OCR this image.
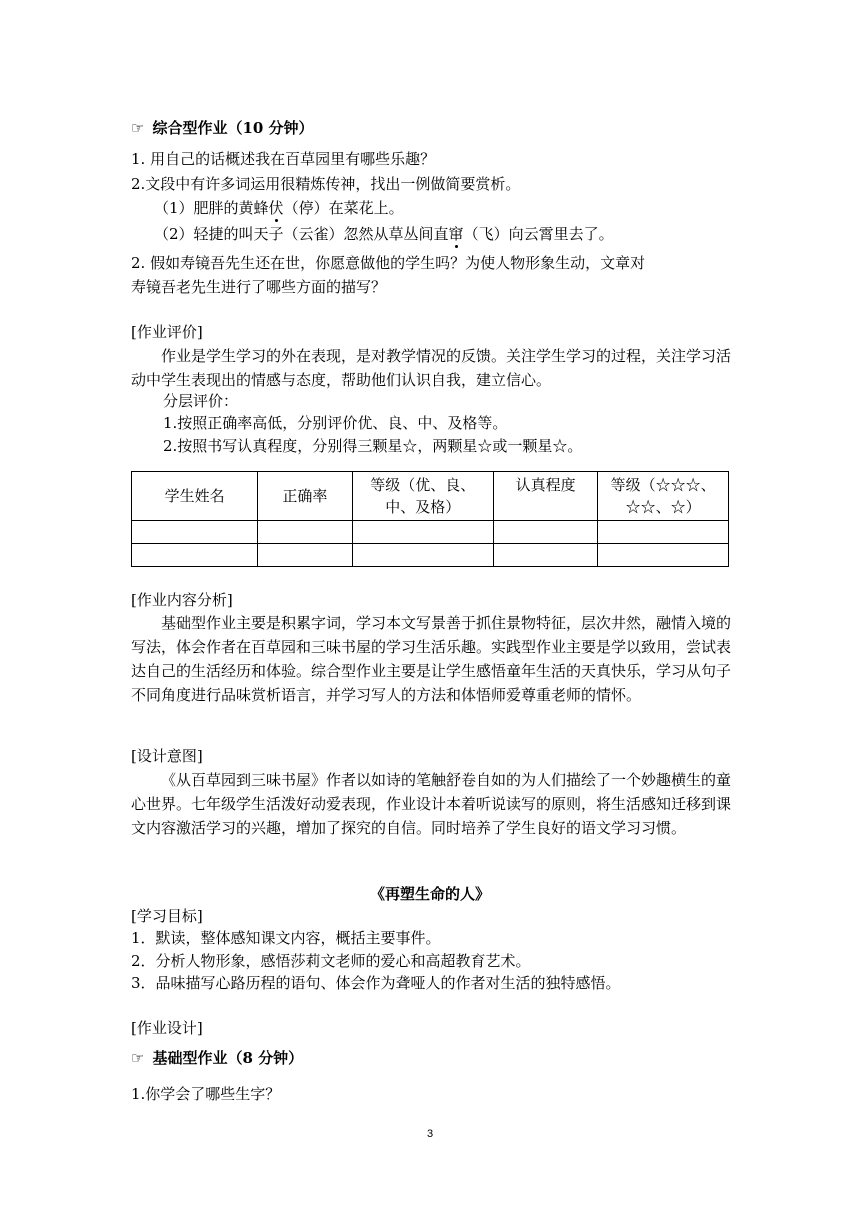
☞ 综合型作业（10 分钟）
1. 用自己的话概述我在百草园里有哪些乐趣？
2.文段中有许多词运用很精炼传神，找出一例做简要赏析。
（1）肥胖的黄蜂伏（停）在菜花上。
（2）轻捷的叫天子（云雀）忽然从草丛间直窜（飞）向云霄里去了。
2. 假如寿镜吾先生还在世，你愿意做他的学生吗？为使人物形象生动，文章对
寿镜吾老先生进行了哪些方面的描写？
[作业评价]
作业是学生学习的外在表现，是对教学情况的反馈。关注学生学习的过程，关注学习活动中学生表现出的情感与态度，帮助他们认识自我，建立信心。
分层评价：
1.按照正确率高低，分别评价优、良、中、及格等。
2.按照书写认真程度，分别得三颗星☆，两颗星☆或一颗星☆。
学生姓名	正确率	等级（优、良、中、及格）	认真程度	等级（☆☆☆、☆☆、☆）

[作业内容分析]
基础型作业主要是积累字词，学习本文写景善于抓住景物特征，层次井然，融情入境的写法，体会作者在百草园和三味书屋的学习生活乐趣。实践型作业主要是学以致用，尝试表达自己的生活经历和体验。综合型作业主要是让学生感悟童年生活的天真快乐，学习从句子不同角度进行品味赏析语言，并学习写人的方法和体悟师爱尊重老师的情怀。
[设计意图]
《从百草园到三味书屋》作者以如诗的笔触舒卷自如的为人们描绘了一个妙趣横生的童心世界。七年级学生活泼好动爱表现，作业设计本着听说读写的原则，将生活感知迁移到课文内容激活学习的兴趣，增加了探究的自信。同时培养了学生良好的语文学习习惯。
《再塑生命的人》
[学习目标]
1．默读，整体感知课文内容，概括主要事件。
2．分析人物形象，感悟莎莉文老师的爱心和高超教育艺术。
3．品味描写心路历程的语句、体会作为聋哑人的作者对生活的独特感悟。
[作业设计]
☞ 基础型作业（8 分钟）
1.你学会了哪些生字？
3
